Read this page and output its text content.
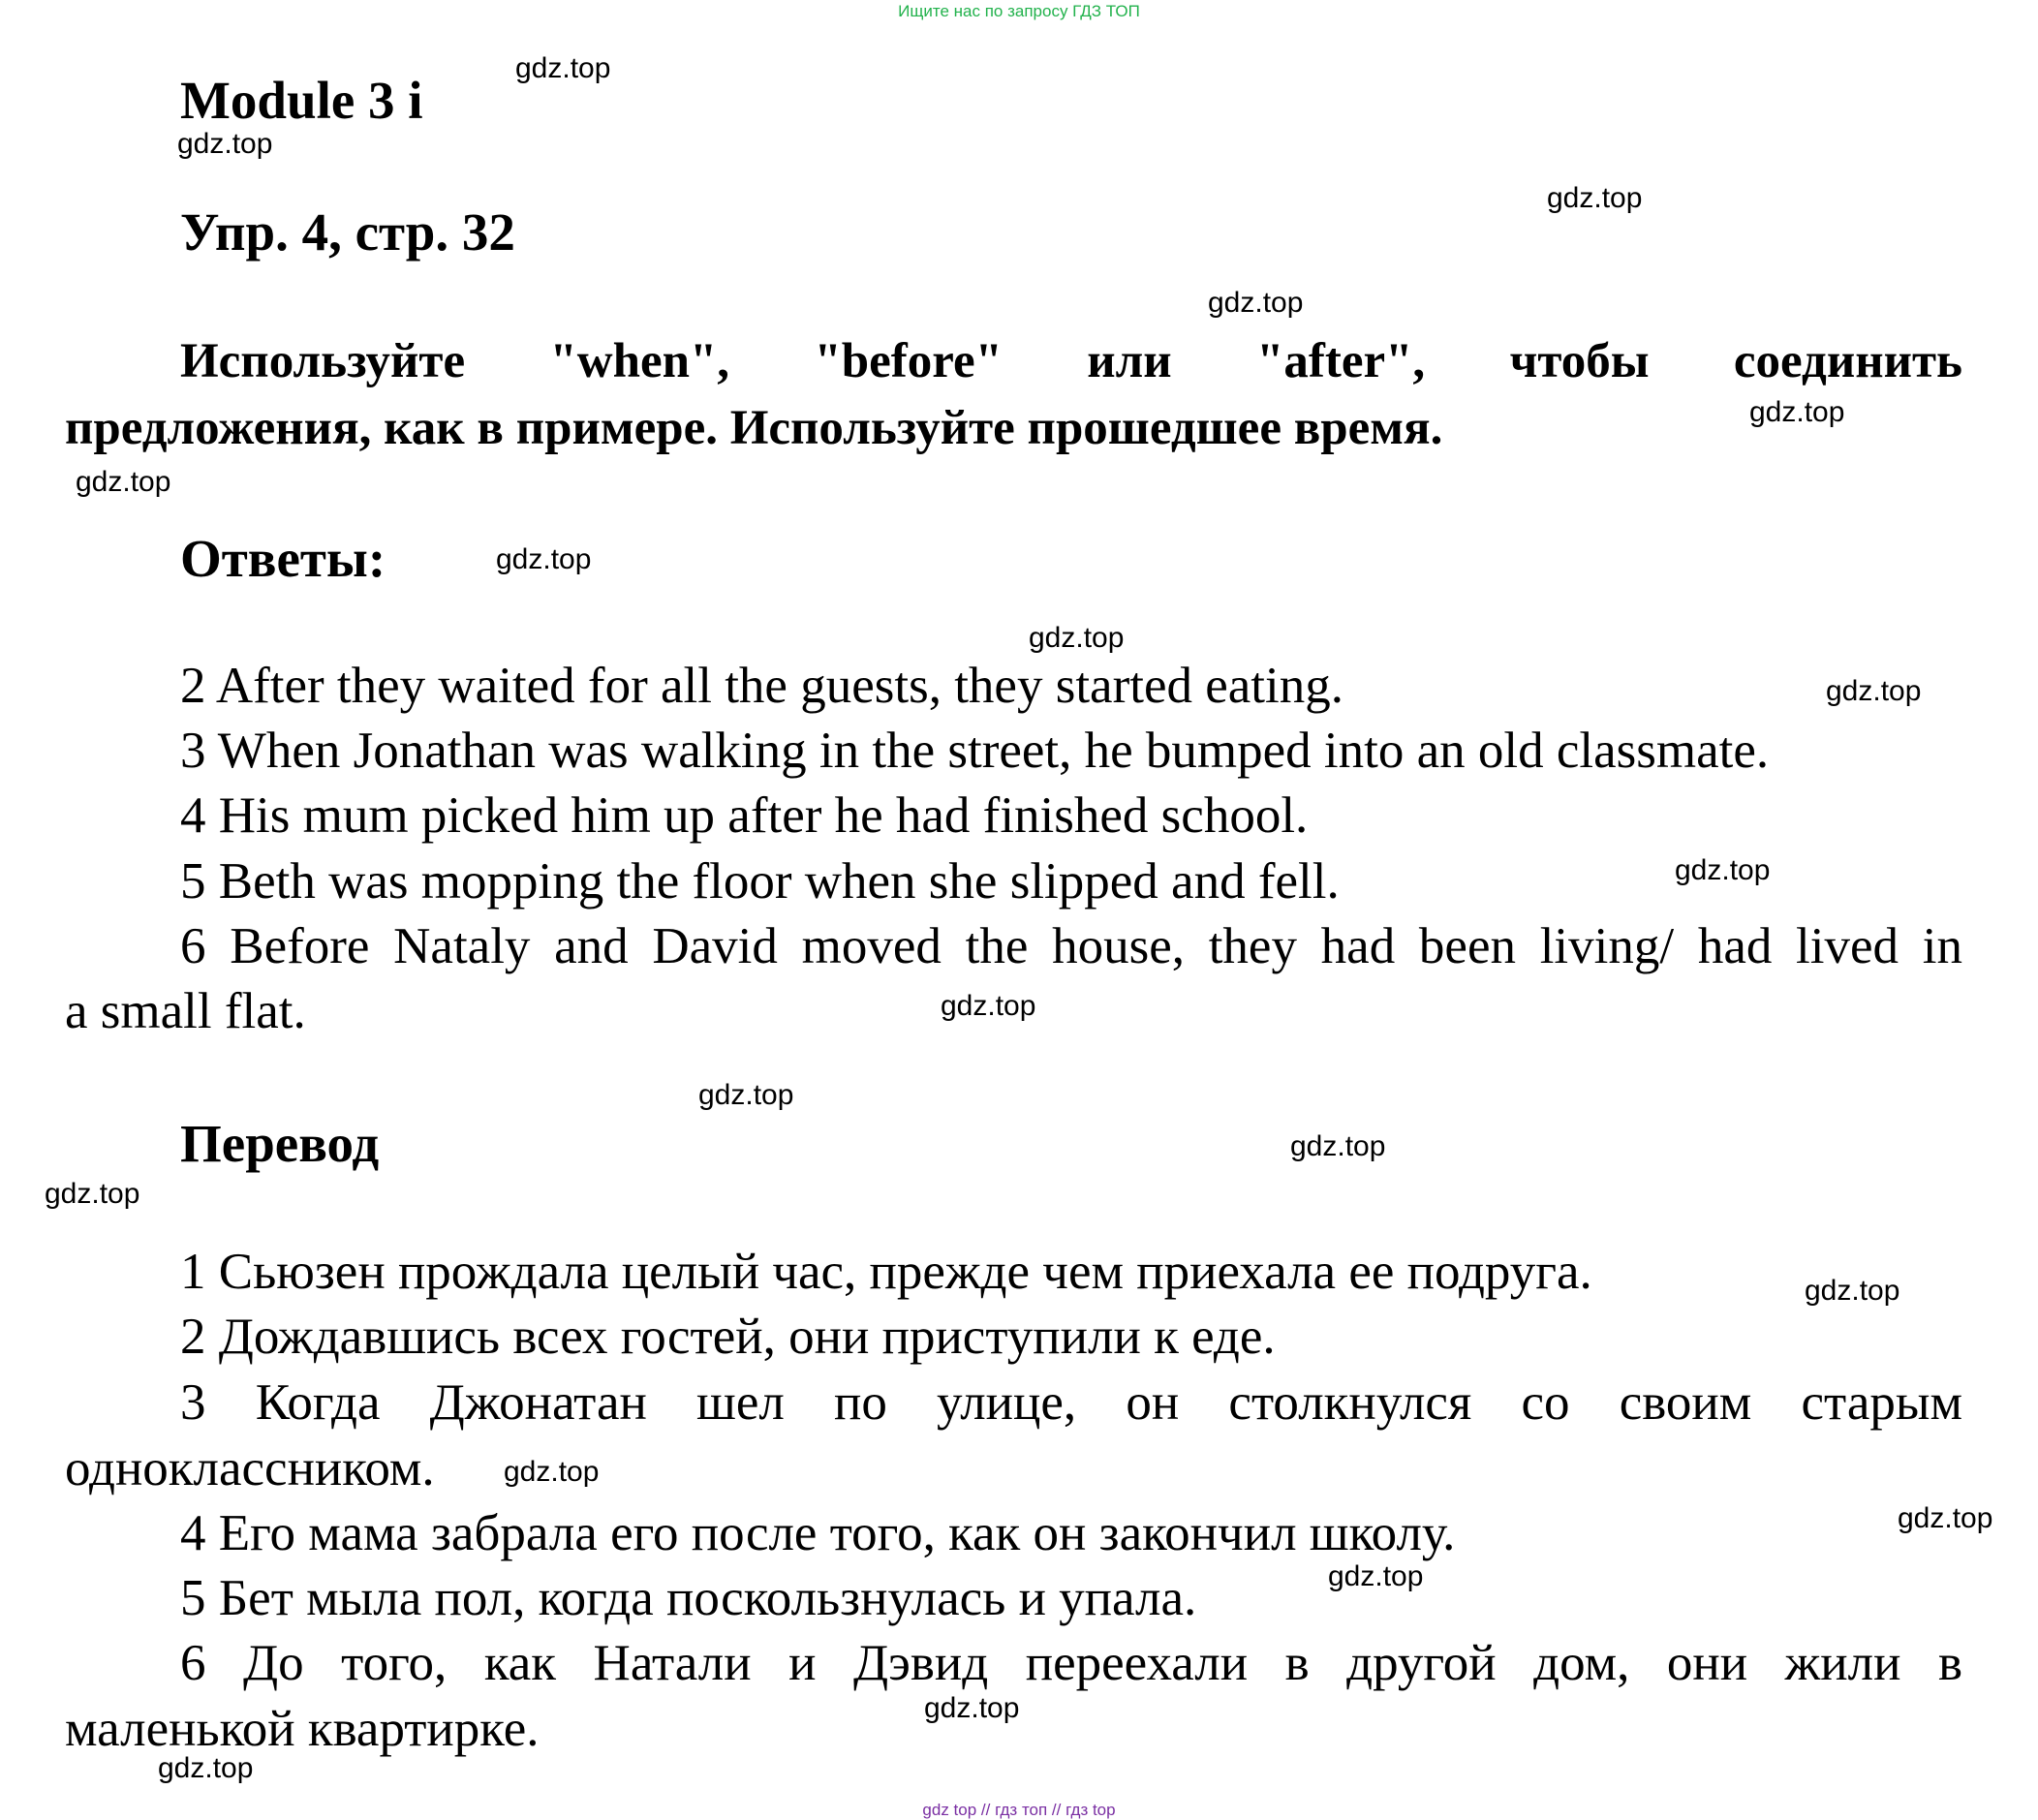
Ищите нас по запросу ГДЗ ТОП
Module 3 i
Упр. 4, стр. 32
Используйте "when", "before" или "after", чтобы соединить
предложения, как в примере. Используйте прошедшее время.
Ответы:
2 After they waited for all the guests, they started eating.
3 When Jonathan was walking in the street, he bumped into an old classmate.
4 His mum picked him up after he had finished school.
5 Beth was mopping the floor when she slipped and fell.
6 Before Nataly and David moved the house, they had been living/ had lived in
a small flat.
Перевод
1 Сьюзен прождала целый час, прежде чем приехала ее подруга.
2 Дождавшись всех гостей, они приступили к еде.
3 Когда Джонатан шел по улице, он столкнулся со своим старым
одноклассником.
4 Его мама забрала его после того, как он закончил школу.
5 Бет мыла пол, когда поскользнулась и упала.
6 До того, как Натали и Дэвид переехали в другой дом, они жили в
маленькой квартирке.
gdz.top
gdz.top
gdz.top
gdz.top
gdz.top
gdz.top
gdz.top
gdz.top
gdz.top
gdz.top
gdz.top
gdz.top
gdz.top
gdz.top
gdz.top
gdz.top
gdz.top
gdz.top
gdz.top
gdz.top
gdz top // гдз топ // гдз top
